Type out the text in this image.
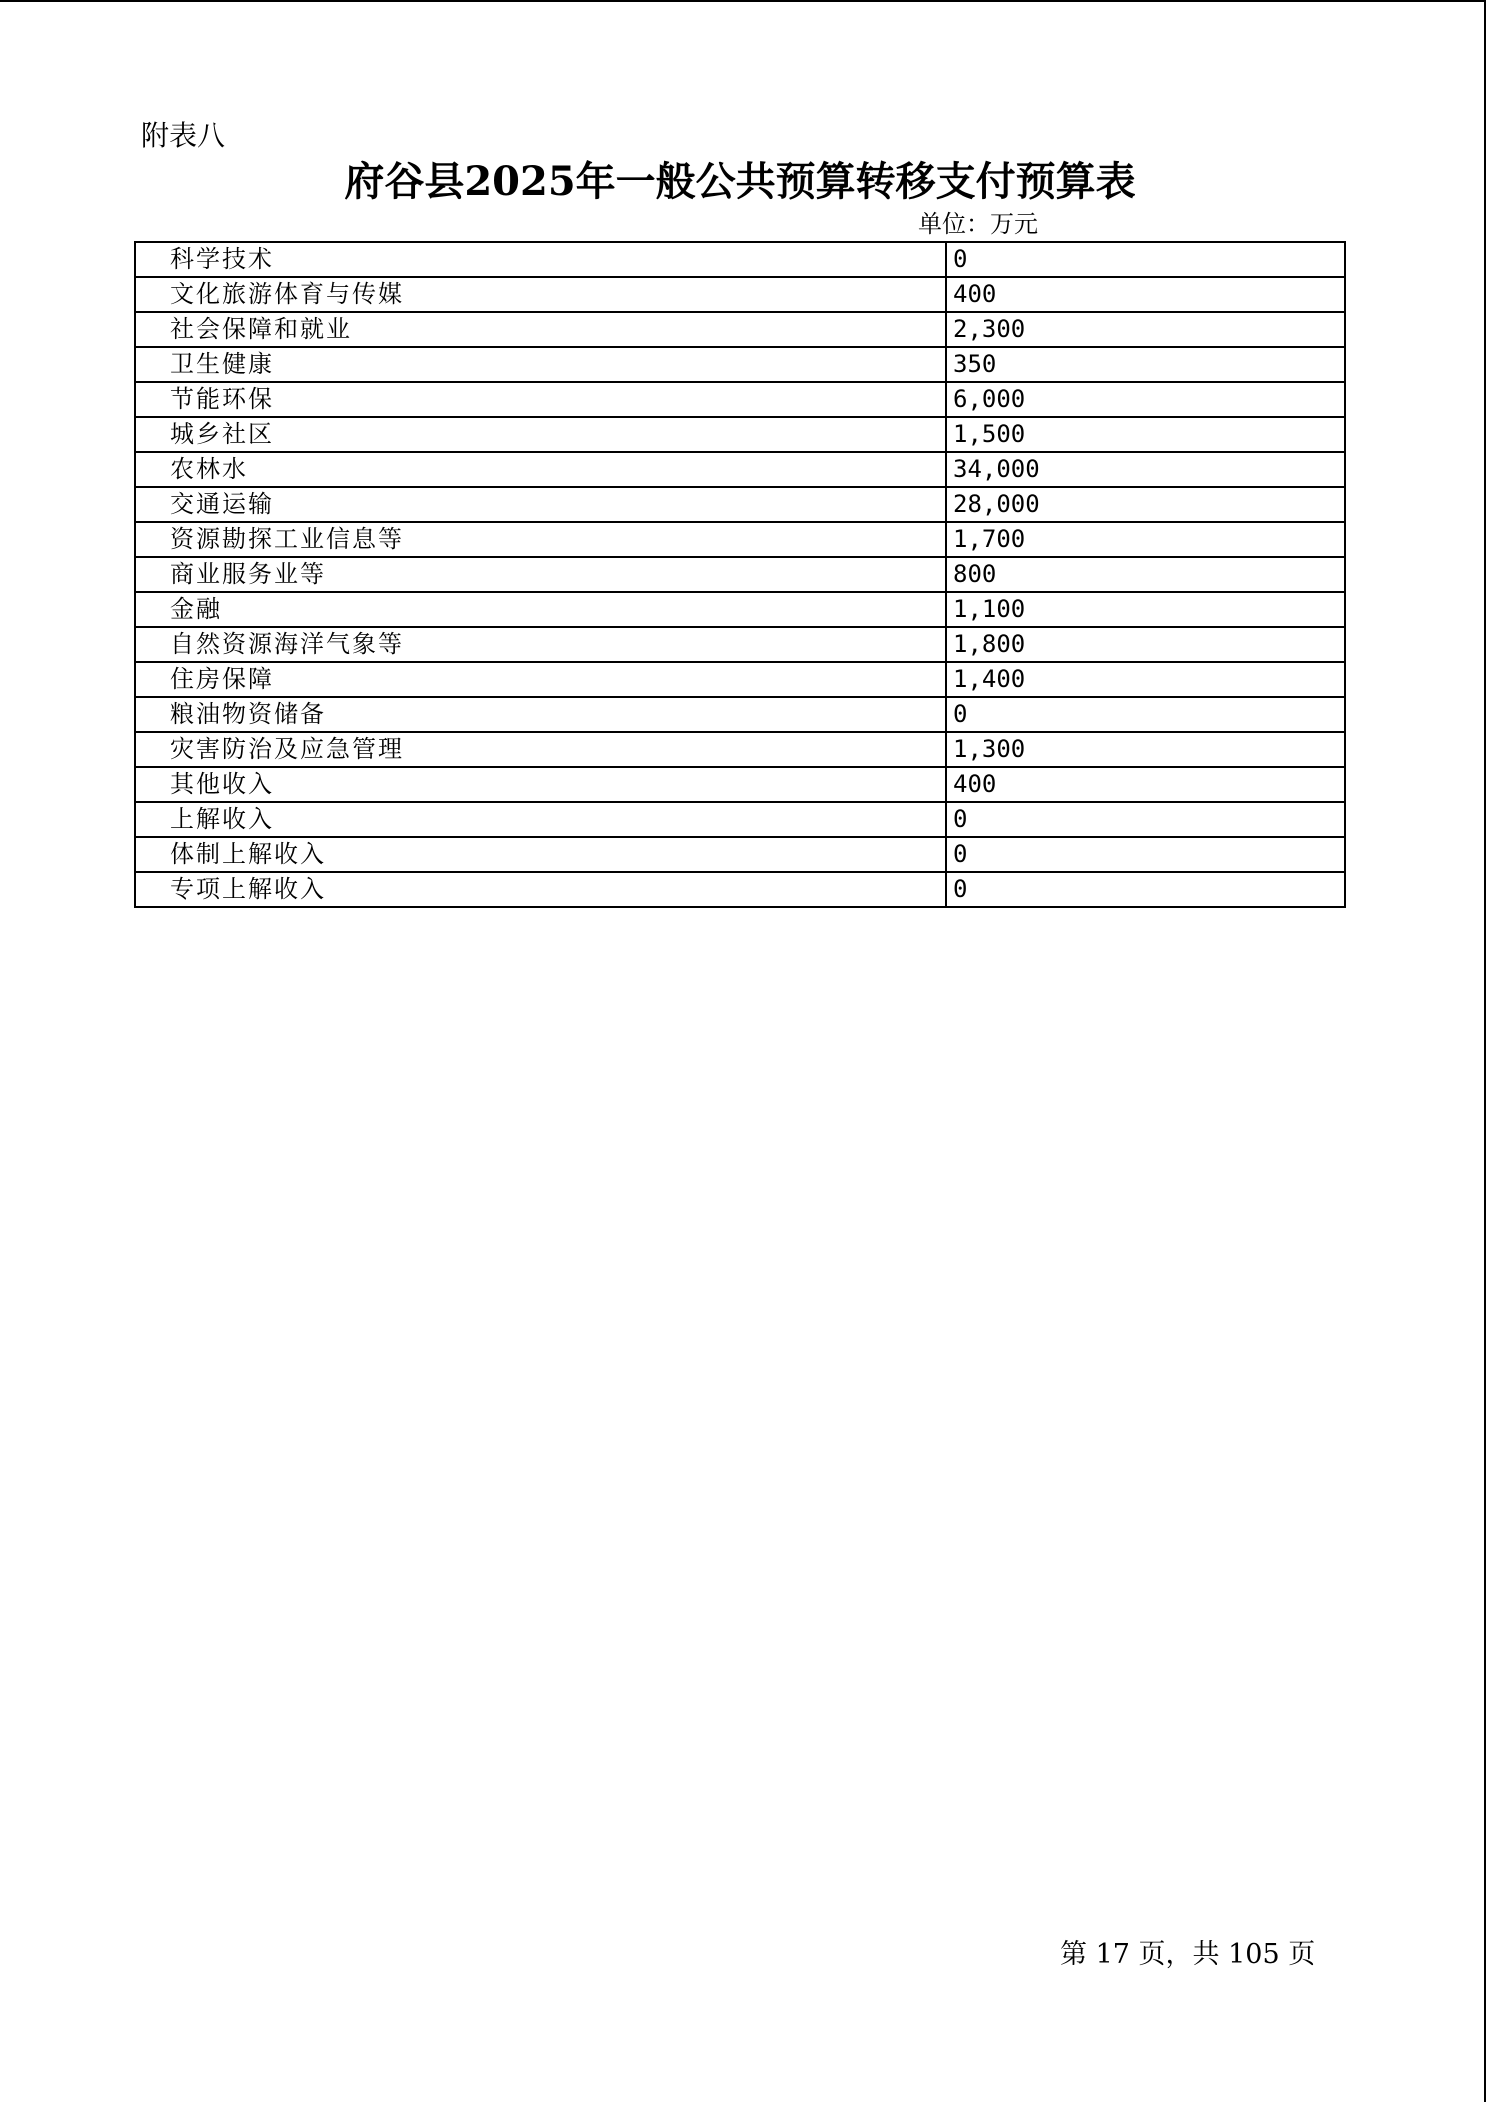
附表八
府谷县2025年一般公共预算转移支付预算表
单位：万元
科学技术	0
文化旅游体育与传媒	400
社会保障和就业	2,300
卫生健康	350
节能环保	6,000
城乡社区	1,500
农林水	34,000
交通运输	28,000
资源勘探工业信息等	1,700
商业服务业等	800
金融	1,100
自然资源海洋气象等	1,800
住房保障	1,400
粮油物资储备	0
灾害防治及应急管理	1,300
其他收入	400
上解收入	0
体制上解收入	0
专项上解收入	0
第 17 页，共 105 页
